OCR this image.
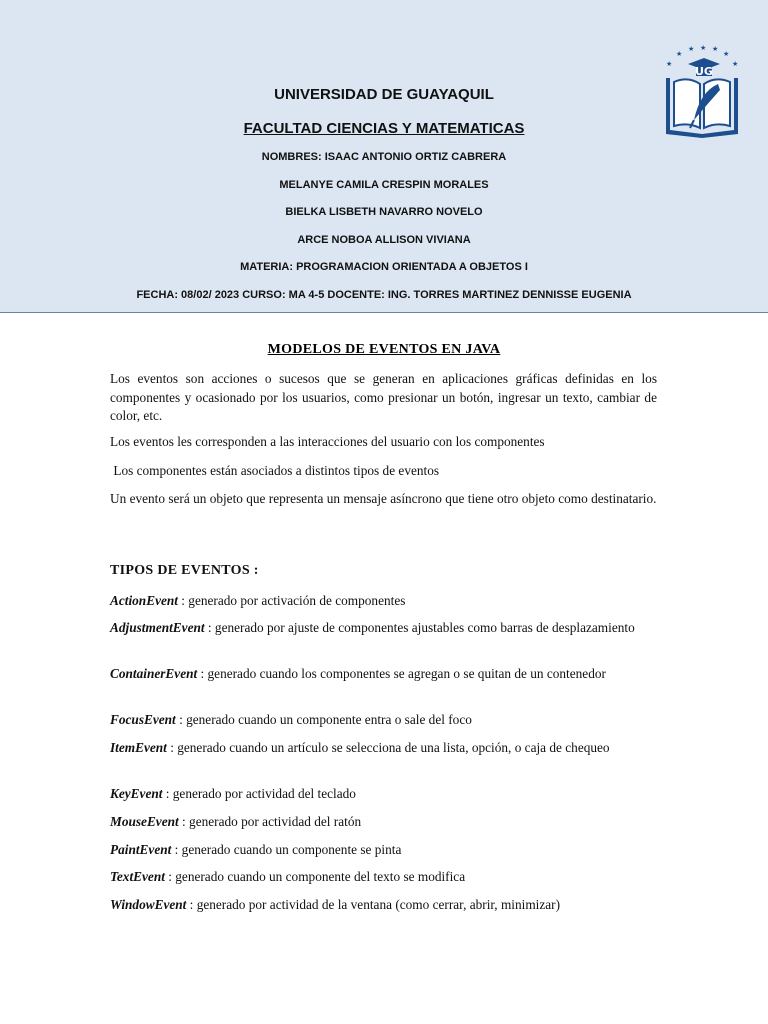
★
★
★ ★ ★
★
★
UG
UNIVERSIDAD DE GUAYAQUIL
FACULTAD CIENCIAS Y MATEMATICAS
NOMBRES: ISAAC ANTONIO ORTIZ CABRERA
MELANYE CAMILA CRESPIN MORALES
BIELKA LISBETH NAVARRO NOVELO
ARCE NOBOA ALLISON VIVIANA
MATERIA: PROGRAMACION ORIENTADA A OBJETOS I
FECHA: 08/02/ 2023 CURSO: MA 4-5 DOCENTE: ING. TORRES MARTINEZ DENNISSE EUGENIA
MODELOS DE EVENTOS EN JAVA
Los eventos son acciones o sucesos que se generan en aplicaciones gráficas definidas en los componentes y ocasionado por los usuarios, como presionar un botón, ingresar un texto, cambiar de color, etc.
Los eventos les corresponden a las interacciones del usuario con los componentes
Los componentes están asociados a distintos tipos de eventos
Un evento será un objeto que representa un mensaje asíncrono que tiene otro objeto como destinatario.
TIPOS DE EVENTOS :
ActionEvent : generado por activación de componentes
AdjustmentEvent : generado por ajuste de componentes ajustables como barras de desplazamiento
ContainerEvent : generado cuando los componentes se agregan o se quitan de un contenedor
FocusEvent : generado cuando un componente entra o sale del foco
ItemEvent : generado cuando un artículo se selecciona de una lista, opción, o caja de chequeo
KeyEvent : generado por actividad del teclado
MouseEvent : generado por actividad del ratón
PaintEvent : generado cuando un componente se pinta
TextEvent : generado cuando un componente del texto se modifica
WindowEvent : generado por actividad de la ventana (como cerrar, abrir, minimizar)
